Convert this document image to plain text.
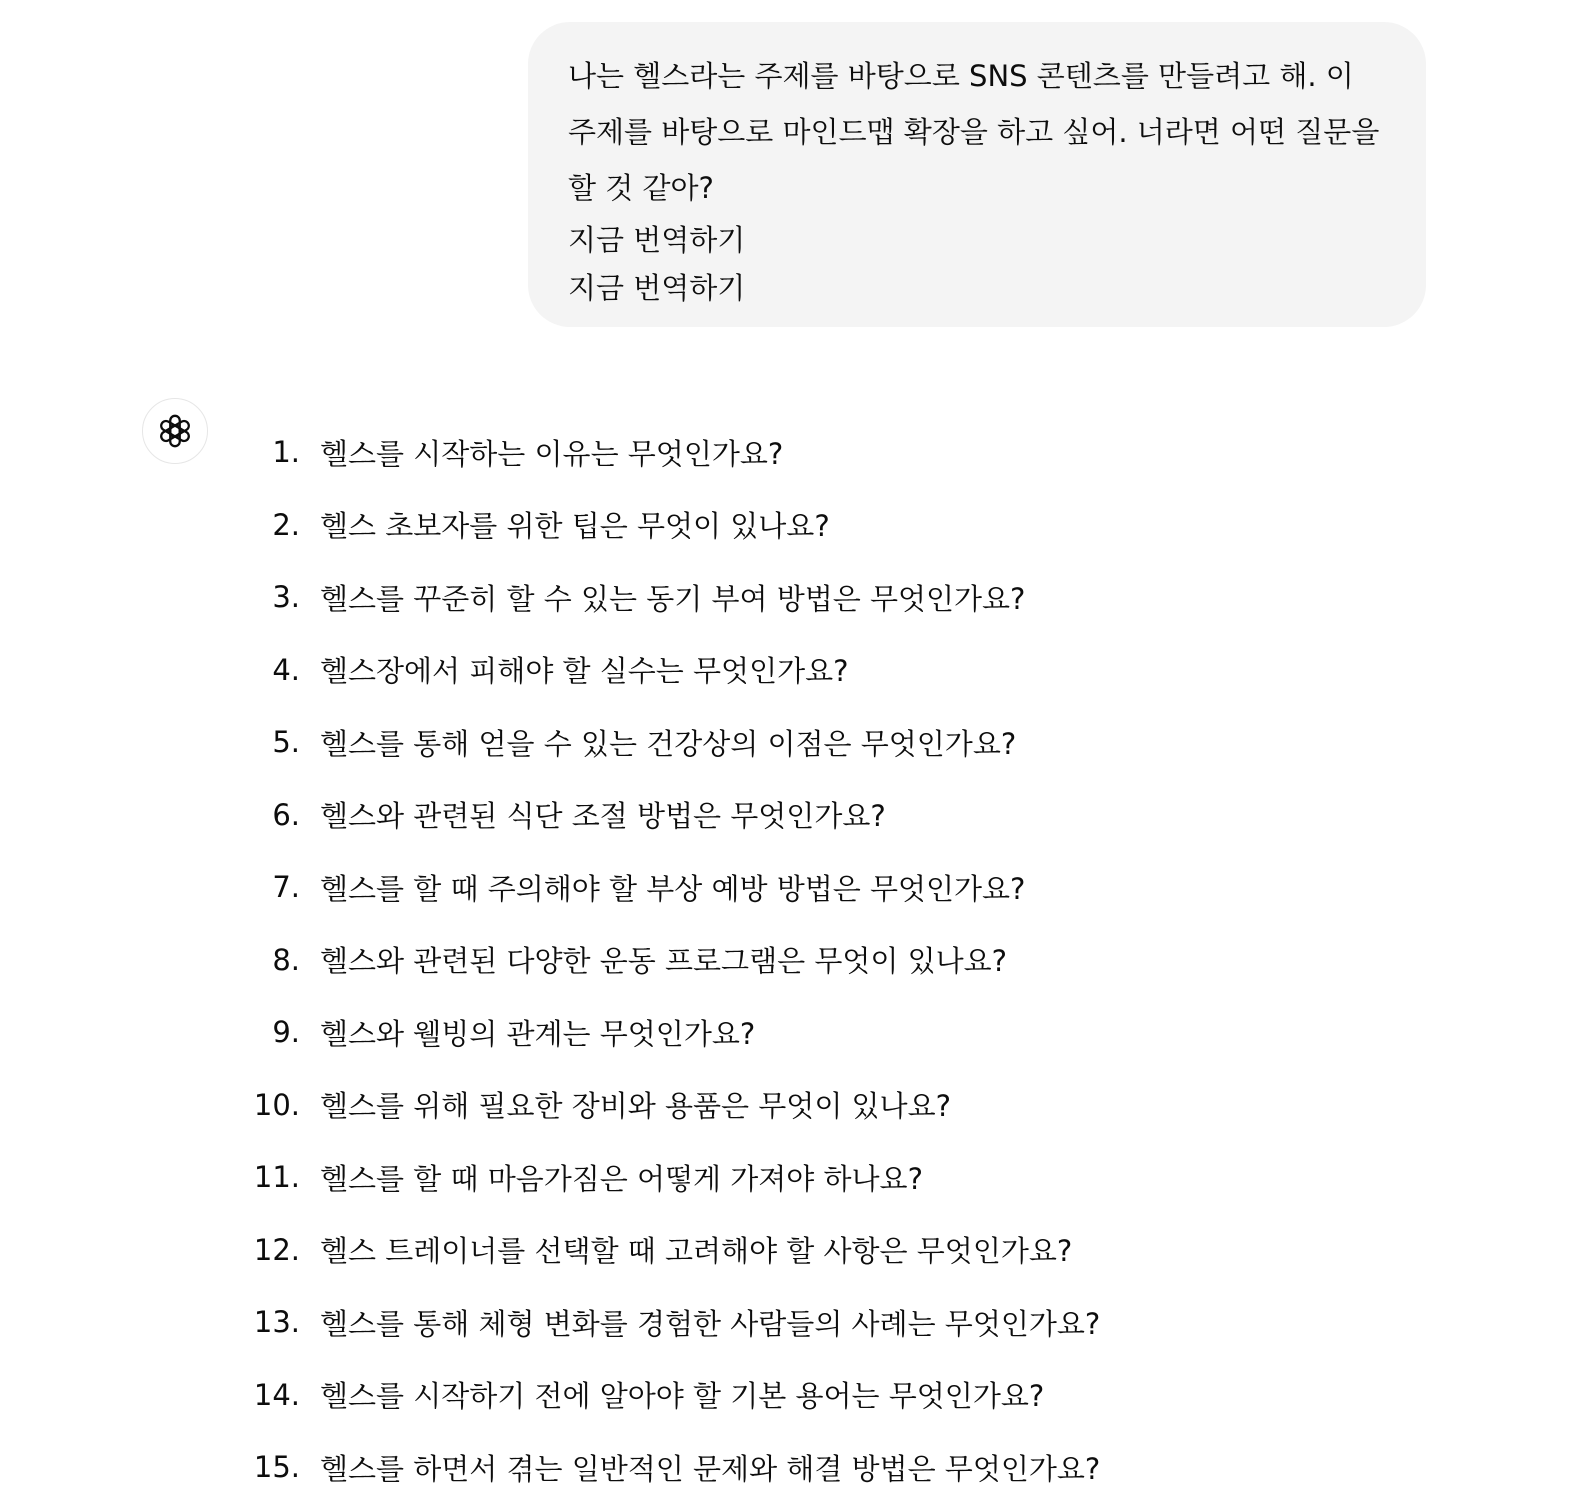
나는 헬스라는 주제를 바탕으로 SNS 콘텐츠를 만들려고 해. 이 주제를 바탕으로 마인드맵 확장을 하고 싶어. 너라면 어떤 질문을 할 것 같아?
지금 번역하기
지금 번역하기
1. 헬스를 시작하는 이유는 무엇인가요?
2. 헬스 초보자를 위한 팁은 무엇이 있나요?
3. 헬스를 꾸준히 할 수 있는 동기 부여 방법은 무엇인가요?
4. 헬스장에서 피해야 할 실수는 무엇인가요?
5. 헬스를 통해 얻을 수 있는 건강상의 이점은 무엇인가요?
6. 헬스와 관련된 식단 조절 방법은 무엇인가요?
7. 헬스를 할 때 주의해야 할 부상 예방 방법은 무엇인가요?
8. 헬스와 관련된 다양한 운동 프로그램은 무엇이 있나요?
9. 헬스와 웰빙의 관계는 무엇인가요?
10. 헬스를 위해 필요한 장비와 용품은 무엇이 있나요?
11. 헬스를 할 때 마음가짐은 어떻게 가져야 하나요?
12. 헬스 트레이너를 선택할 때 고려해야 할 사항은 무엇인가요?
13. 헬스를 통해 체형 변화를 경험한 사람들의 사례는 무엇인가요?
14. 헬스를 시작하기 전에 알아야 할 기본 용어는 무엇인가요?
15. 헬스를 하면서 겪는 일반적인 문제와 해결 방법은 무엇인가요?
